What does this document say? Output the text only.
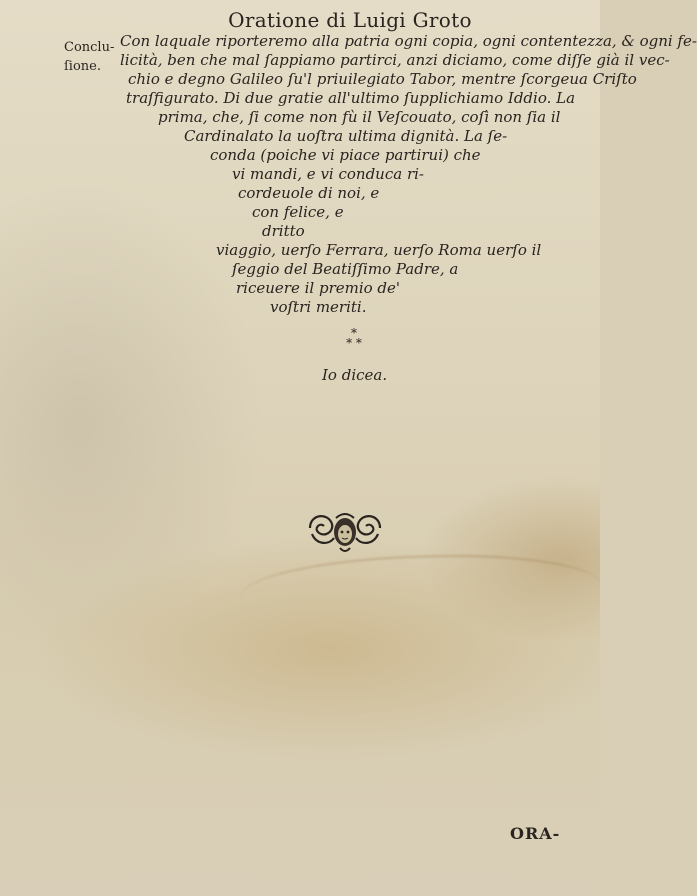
Oratione di Luigi Groto
Conclu-
ſione.
Con laquale riporteremo alla patria ogni copia, ogni contentezza, & ogni fe-
licità, ben che mal ſappiamo partirci, anzi diciamo, come diſſe già il vec-
chio e degno Galileo ſu'l priuilegiato Tabor, mentre ſcorgeua Criſto
traſfigurato. Di due gratie all'ultimo ſupplichiamo Iddio. La
prima, che, ſi come non fù il Veſcouato, coſì non ſia il
Cardinalato la uoſtra ultima dignità. La ſe-
conda (poiche vi piace partirui) che
vi mandi, e vi conduca ri-
cordeuole di noi, e
con felice, e
dritto
viaggio, uerſo Ferrara, uerſo Roma uerſo il
ſeggio del Beatiſſimo Padre, a
riceuere il premio de'
voſtri meriti.
*
* *
Io dicea.
ORA-
